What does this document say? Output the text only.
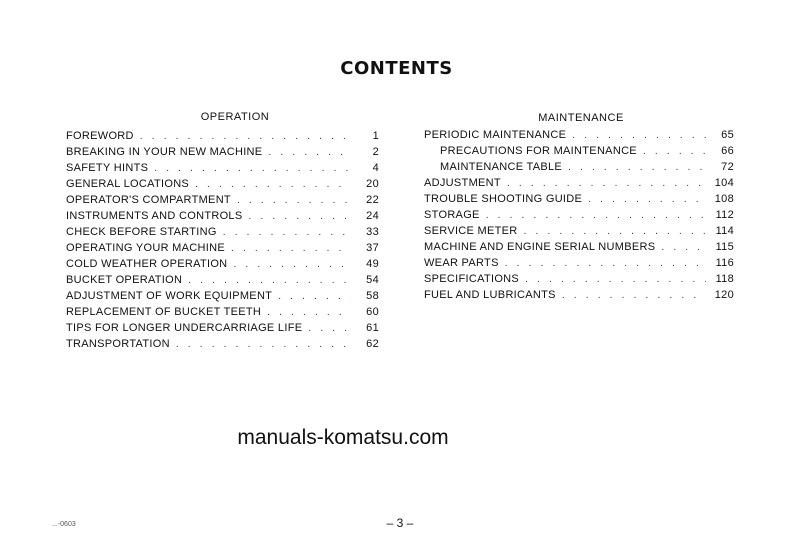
CONTENTS
OPERATION	MAINTENANCE
FOREWORD . . .	1
BREAKING IN YOUR NEW MACHINE . . .	2
SAFETY HINTS . . .	4
GENERAL LOCATIONS . . .	20
OPERATOR'S COMPARTMENT . . .	22
INSTRUMENTS AND CONTROLS . . .	24
CHECK BEFORE STARTING . . .	33
OPERATING YOUR MACHINE . . .	37
COLD WEATHER OPERATION . . .	49
BUCKET OPERATION . . .	54
ADJUSTMENT OF WORK EQUIPMENT . . .	58
REPLACEMENT OF BUCKET TEETH . . .	60
TIPS FOR LONGER UNDERCARRIAGE LIFE . . .	61
TRANSPORTATION . . .	62
PERIODIC MAINTENANCE . . .	65
PRECAUTIONS FOR MAINTENANCE . . .	66
MAINTENANCE TABLE . . .	72
ADJUSTMENT . . .	104
TROUBLE SHOOTING GUIDE . . .	108
STORAGE . . .	112
SERVICE METER . . .	114
MACHINE AND ENGINE SERIAL NUMBERS . . .	115
WEAR PARTS . . .	116
SPECIFICATIONS . . .	118
FUEL AND LUBRICANTS . . .	120
manuals-komatsu.com
– 3 –
...-0603
